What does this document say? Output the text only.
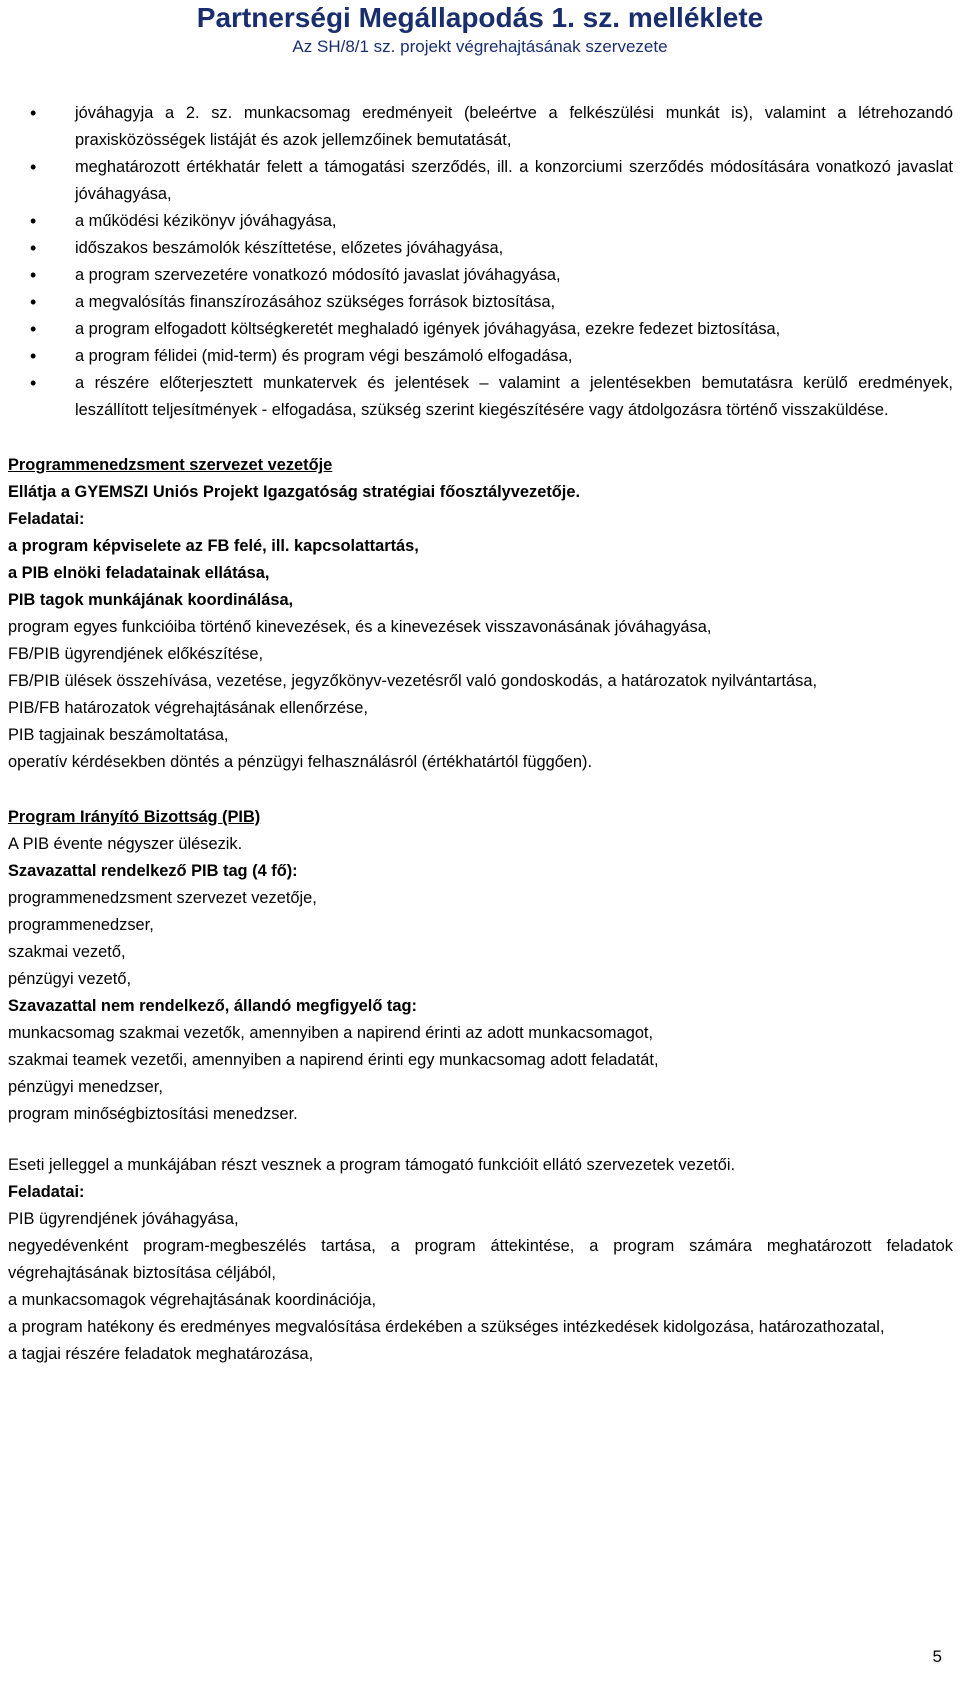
Partnerségi Megállapodás 1. sz. melléklete
Az SH/8/1 sz. projekt végrehajtásának szervezete
• jóváhagyja a 2. sz. munkacsomag eredményeit (beleértve a felkészülési munkát is), valamint a létrehozandó praxisközösségek listáját és azok jellemzőinek bemutatását,
• meghatározott értékhatár felett a támogatási szerződés, ill. a konzorciumi szerződés módosítására vonatkozó javaslat jóváhagyása,
• a működési kézikönyv jóváhagyása,
• időszakos beszámolók készíttetése, előzetes jóváhagyása,
• a program szervezetére vonatkozó módosító javaslat jóváhagyása,
• a megvalósítás finanszírozásához szükséges források biztosítása,
• a program elfogadott költségkeretét meghaladó igények jóváhagyása, ezekre fedezet biztosítása,
• a program félidei (mid-term) és program végi beszámoló elfogadása,
• a részére előterjesztett munkatervek és jelentések – valamint a jelentésekben bemutatásra kerülő eredmények, leszállított teljesítmények - elfogadása, szükség szerint kiegészítésére vagy átdolgozásra történő visszaküldése.

Programmenedzsment szervezet vezetője

Ellátja a GYEMSZI Uniós Projekt Igazgatóság stratégiai főosztályvezetője.

Feladatai:

a program képviselete az FB felé, ill. kapcsolattartás,

a PIB elnöki feladatainak ellátása,

PIB tagok munkájának koordinálása,

program egyes funkcióiba történő kinevezések, és a kinevezések visszavonásának jóváhagyása,

FB/PIB ügyrendjének előkészítése,

FB/PIB ülések összehívása, vezetése, jegyzőkönyv-vezetésről való gondoskodás, a határozatok nyilvántartása,

PIB/FB határozatok végrehajtásának ellenőrzése,

PIB tagjainak beszámoltatása,

operatív kérdésekben döntés a pénzügyi felhasználásról (értékhatártól függően).

Program Irányító Bizottság (PIB)

A PIB évente négyszer ülésezik.

Szavazattal rendelkező PIB tag (4 fő):

programmenedzsment szervezet vezetője,

programmenedzser,

szakmai vezető,

pénzügyi vezető,

Szavazattal nem rendelkező, állandó megfigyelő tag:

munkacsomag szakmai vezetők, amennyiben a napirend érinti az adott munkacsomagot,

szakmai teamek vezetői, amennyiben a napirend érinti egy munkacsomag adott feladatát,

pénzügyi menedzser,

program minőségbiztosítási menedzser.

Eseti jelleggel a munkájában részt vesznek a program támogató funkcióit ellátó szervezetek vezetői.

Feladatai:

PIB ügyrendjének jóváhagyása,

negyedévenként program-megbeszélés tartása, a program áttekintése, a program számára meghatározott feladatok végrehajtásának biztosítása céljából,

a munkacsomagok végrehajtásának koordinációja,

a program hatékony és eredményes megvalósítása érdekében a szükséges intézkedések kidolgozása, határozathozatal,

a tagjai részére feladatok meghatározása,

5
